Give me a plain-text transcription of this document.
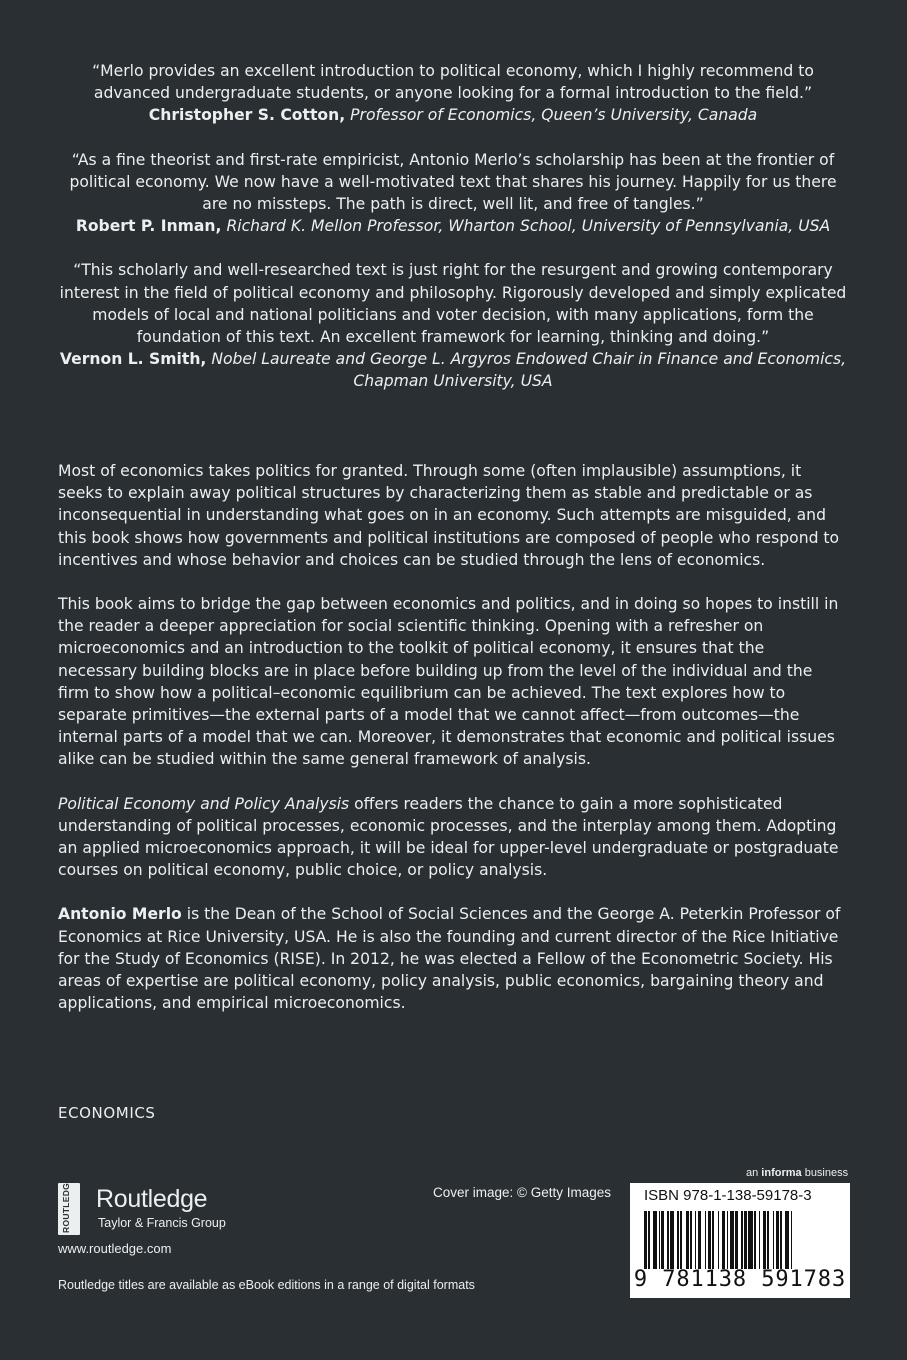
“Merlo provides an excellent introduction to political economy, which I highly recommend to advanced undergraduate students, or anyone looking for a formal introduction to the field.”
Christopher S. Cotton, Professor of Economics, Queen’s University, Canada
“As a fine theorist and first-rate empiricist, Antonio Merlo’s scholarship has been at the frontier of political economy. We now have a well-motivated text that shares his journey. Happily for us there are no missteps. The path is direct, well lit, and free of tangles.”
Robert P. Inman, Richard K. Mellon Professor, Wharton School, University of Pennsylvania, USA
“This scholarly and well-researched text is just right for the resurgent and growing contemporary interest in the field of political economy and philosophy. Rigorously developed and simply explicated models of local and national politicians and voter decision, with many applications, form the foundation of this text. An excellent framework for learning, thinking and doing.”
Vernon L. Smith, Nobel Laureate and George L. Argyros Endowed Chair in Finance and Economics, Chapman University, USA

Most of economics takes politics for granted. Through some (often implausible) assumptions, it seeks to explain away political structures by characterizing them as stable and predictable or as inconsequential in understanding what goes on in an economy. Such attempts are misguided, and this book shows how governments and political institutions are composed of people who respond to incentives and whose behavior and choices can be studied through the lens of economics.

This book aims to bridge the gap between economics and politics, and in doing so hopes to instill in the reader a deeper appreciation for social scientific thinking. Opening with a refresher on microeconomics and an introduction to the toolkit of political economy, it ensures that the necessary building blocks are in place before building up from the level of the individual and the firm to show how a political–economic equilibrium can be achieved. The text explores how to separate primitives—the external parts of a model that we cannot affect—from outcomes—the internal parts of a model that we can. Moreover, it demonstrates that economic and political issues alike can be studied within the same general framework of analysis.

Political Economy and Policy Analysis offers readers the chance to gain a more sophisticated understanding of political processes, economic processes, and the interplay among them. Adopting an applied microeconomics approach, it will be ideal for upper-level undergraduate or postgraduate courses on political economy, public choice, or policy analysis.

Antonio Merlo is the Dean of the School of Social Sciences and the George A. Peterkin Professor of Economics at Rice University, USA. He is also the founding and current director of the Rice Initiative for the Study of Economics (RISE). In 2012, he was elected a Fellow of the Econometric Society. His areas of expertise are political economy, policy analysis, public economics, bargaining theory and applications, and empirical microeconomics.

ECONOMICS
ROUTLEDGE Routledge
Taylor & Francis Group
www.routledge.com
Routledge titles are available as eBook editions in a range of digital formats
Cover image: © Getty Images
an informa business
ISBN 978-1-138-59178-3
9 781138 591783
